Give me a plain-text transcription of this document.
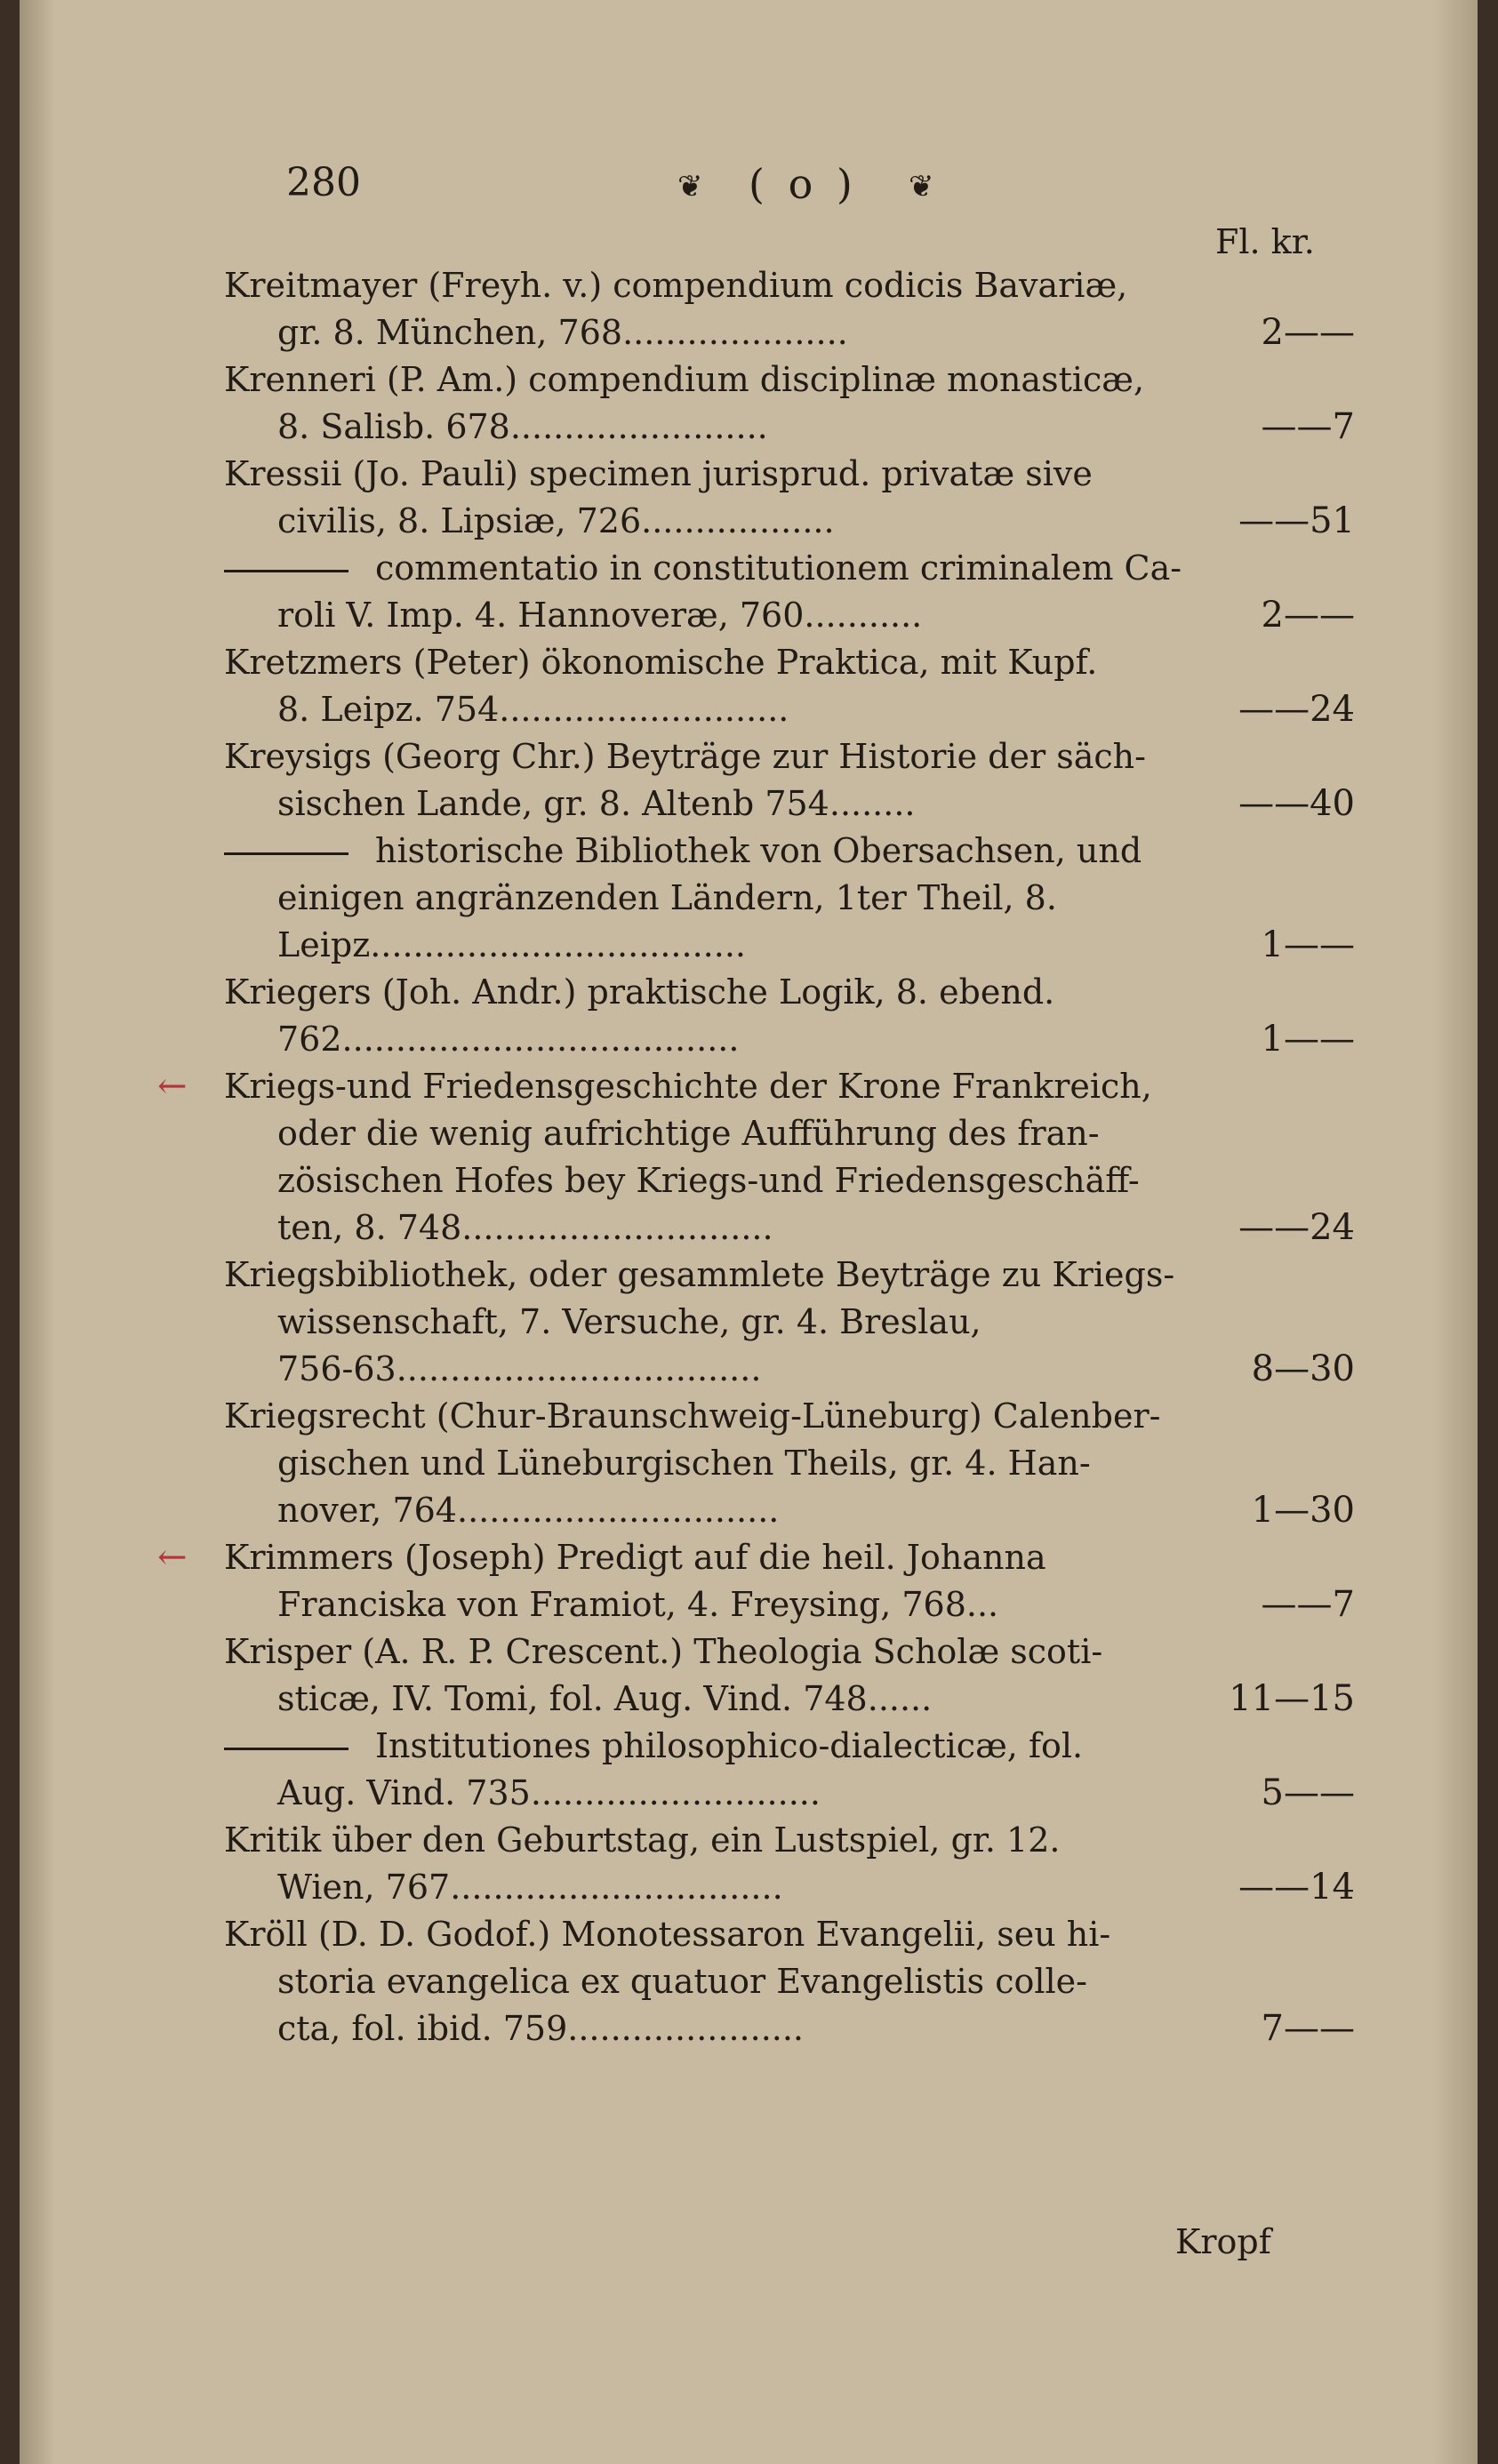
280	❦ ( o ) ❦
Fl. kr.
Kreitmayer (Freyh. v.) compendium codicis Bavariæ,
gr. 8. München, 768.....................	2——
Krenneri (P. Am.) compendium disciplinæ monasticæ,
8. Salisb. 678........................	——7
Kressii (Jo. Pauli) specimen jurisprud. privatæ sive
civilis, 8. Lipsiæ, 726..................	——51
commentatio in constitutionem criminalem Ca-
roli V. Imp. 4. Hannoveræ, 760...........	2——
Kretzmers (Peter) ökonomische Praktica, mit Kupf.
8. Leipz. 754...........................	——24
Kreysigs (Georg Chr.) Beyträge zur Historie der säch-
sischen Lande, gr. 8. Altenb 754........	——40
historische Bibliothek von Obersachsen, und
einigen angränzenden Ländern, 1ter Theil, 8.
Leipz...................................	1——
Kriegers (Joh. Andr.) praktische Logik, 8. ebend.
762.....................................	1——
← Kriegs-und Friedensgeschichte der Krone Frankreich,
oder die wenig aufrichtige Aufführung des fran-
zösischen Hofes bey Kriegs-und Friedensgeschäff-
ten, 8. 748.............................	——24
Kriegsbibliothek, oder gesammlete Beyträge zu Kriegs-
wissenschaft, 7. Versuche, gr. 4. Breslau,
756-63..................................	8—30
Kriegsrecht (Chur-Braunschweig-Lüneburg) Calenber-
gischen und Lüneburgischen Theils, gr. 4. Han-
nover, 764..............................	1—30
← Krimmers (Joseph) Predigt auf die heil. Johanna
Franciska von Framiot, 4. Freysing, 768...	——7
Krisper (A. R. P. Crescent.) Theologia Scholæ scoti-
sticæ, IV. Tomi, fol. Aug. Vind. 748......	11—15
Institutiones philosophico-dialecticæ, fol.
Aug. Vind. 735...........................	5——
Kritik über den Geburtstag, ein Lustspiel, gr. 12.
Wien, 767...............................	——14
Kröll (D. D. Godof.) Monotessaron Evangelii, seu hi-
storia evangelica ex quatuor Evangelistis colle-
cta, fol. ibid. 759......................	7——
Kropf
